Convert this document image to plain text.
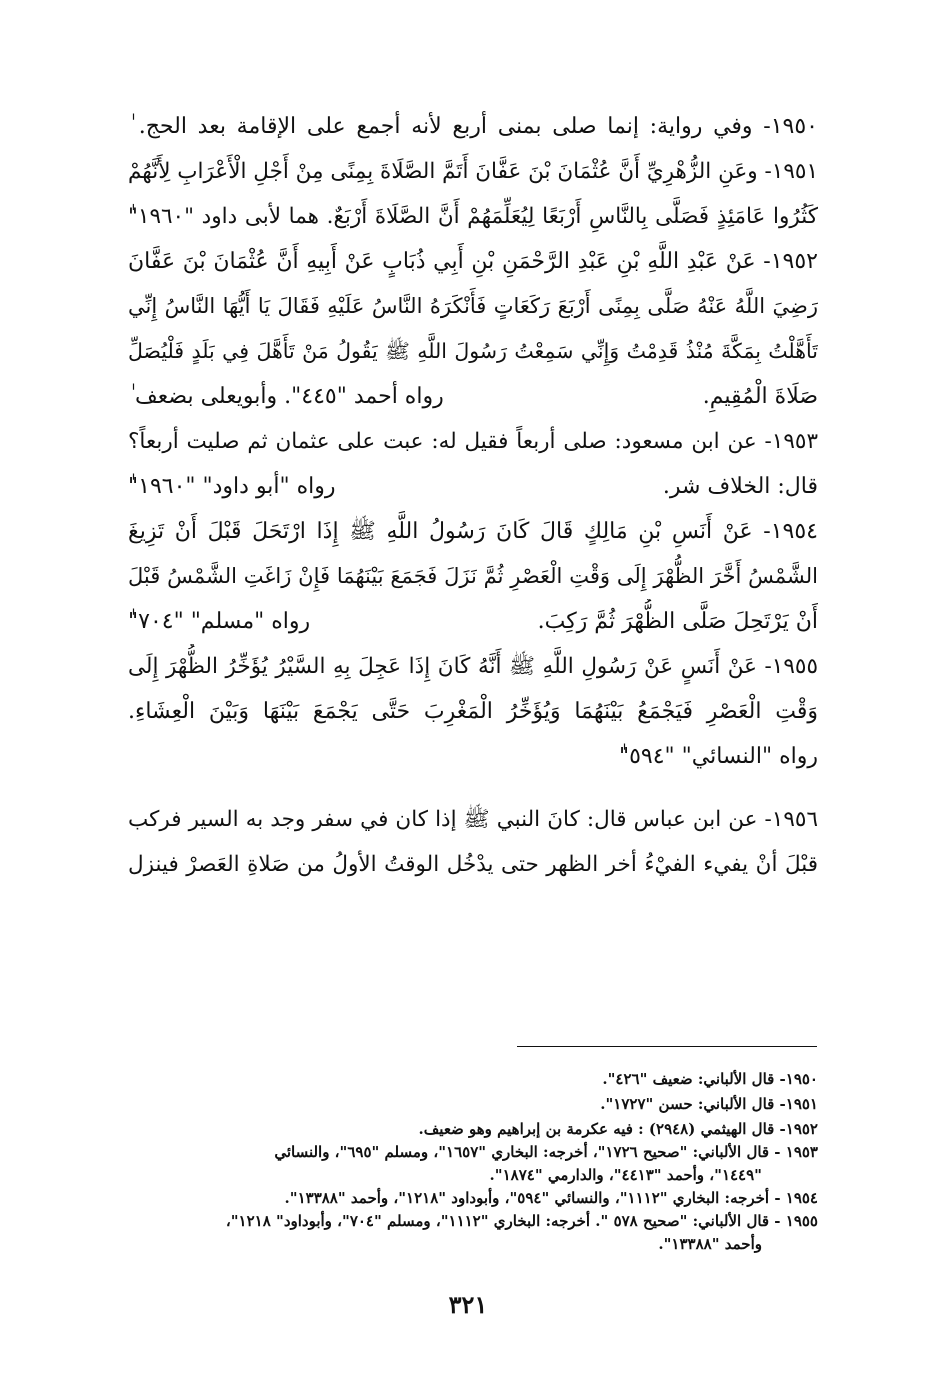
١٩٥٠- وفي رواية: إنما صلى بمنى أربع لأنه أجمع على الإقامة بعد الحج. ٰ
١٩٥١- وعَنِ الزُّهْرِيِّ أَنَّ عُثْمَانَ بْنَ عَفَّانَ أَتَمَّ الصَّلَاةَ بِمِنًى مِنْ أَجْلِ الْأَعْرَابِ لِأَنَّهُمْ
كَثُرُوا عَامَئِذٍ فَصَلَّى بِالنَّاسِ أَرْبَعًا لِيُعَلِّمَهُمْ أَنَّ الصَّلَاةَ أَرْبَعٌ. هما لأبى داود "١٩٦٠"ٰ
١٩٥٢- عَنْ عَبْدِ اللَّهِ بْنِ عَبْدِ الرَّحْمَنِ بْنِ أَبِي ذُبَابٍ عَنْ أَبِيهِ أَنَّ عُثْمَانَ بْنَ عَفَّانَ
رَضِيَ اللَّهُ عَنْهُ صَلَّى بِمِنًى أَرْبَعَ رَكَعَاتٍ فَأَنْكَرَهُ النَّاسُ عَلَيْهِ فَقَالَ يَا أَيُّهَا النَّاسُ إِنِّي
تَأَهَّلْتُ بِمَكَّةَ مُنْذُ قَدِمْتُ وَإِنِّي سَمِعْتُ رَسُولَ اللَّهِ ﷺ يَقُولُ مَنْ تَأَهَّلَ فِي بَلَدٍ فَلْيُصَلِّ
صَلَاةَ الْمُقِيمِ.
رواه أحمد "٤٤٥". وأبويعلى بضعف ٰ
١٩٥٣- عن ابن مسعود: صلى أربعاً فقيل له: عبت على عثمان ثم صليت أربعاً؟
قال: الخلاف شر.
رواه "أبو داود" "١٩٦٠"ٰ
١٩٥٤- عَنْ أَنَسِ بْنِ مَالِكٍ قَالَ كَانَ رَسُولُ اللَّهِ ﷺ إِذَا ارْتَحَلَ قَبْلَ أَنْ تَزِيغَ
الشَّمْسُ أَخَّرَ الظُّهْرَ إِلَى وَقْتِ الْعَصْرِ ثُمَّ نَزَلَ فَجَمَعَ بَيْنَهُمَا فَإِنْ زَاغَتِ الشَّمْسُ قَبْلَ
أَنْ يَرْتَحِلَ صَلَّى الظُّهْرَ ثُمَّ رَكِبَ.
رواه "مسلم" "٧٠٤"ٰ
١٩٥٥- عَنْ أَنَسٍ عَنْ رَسُولِ اللَّهِ ﷺ أَنَّهُ كَانَ إِذَا عَجِلَ بِهِ السَّيْرُ يُؤَخِّرُ الظُّهْرَ إِلَى
وَقْتِ الْعَصْرِ فَيَجْمَعُ بَيْنَهُمَا وَيُؤَخِّرُ الْمَغْرِبَ حَتَّى يَجْمَعَ بَيْنَهَا وَبَيْنَ الْعِشَاءِ.
رواه "النسائي" "٥٩٤"ٰ
١٩٥٦- عن ابن عباس قال: كانَ النبي ﷺ إذا كان في سفر وجد به السير فركب
قبْلَ أنْ يفيء الفيْءُ أخر الظهر حتى يدْخُل الوقتُ الأولُ من صَلاةِ العَصرْ فينزل
١٩٥٠- قال الألباني: ضعيف "٤٢٦".
١٩٥١- قال الألباني: حسن "١٧٢٧".
١٩٥٢- قال الهيثمي (٢٩٤٨) : فيه عكرمة بن إبراهيم وهو ضعيف.
١٩٥٣ - قال الألباني: "صحيح ١٧٢٦"، أخرجه: البخاري "١٦٥٧"، ومسلم "٦٩٥"، والنسائي
"١٤٤٩"، وأحمد "٤٤١٣"، والدارمي "١٨٧٤".
١٩٥٤ - أخرجه: البخاري "١١١٢"، والنسائي "٥٩٤"، وأبوداود "١٢١٨"، وأحمد "١٣٣٨٨".
١٩٥٥ - قال الألباني: "صحيح ٥٧٨ ". أخرجه: البخاري "١١١٢"، ومسلم "٧٠٤"، وأبوداود" ١٢١٨"،
وأحمد "١٣٣٨٨".
٣٢١
